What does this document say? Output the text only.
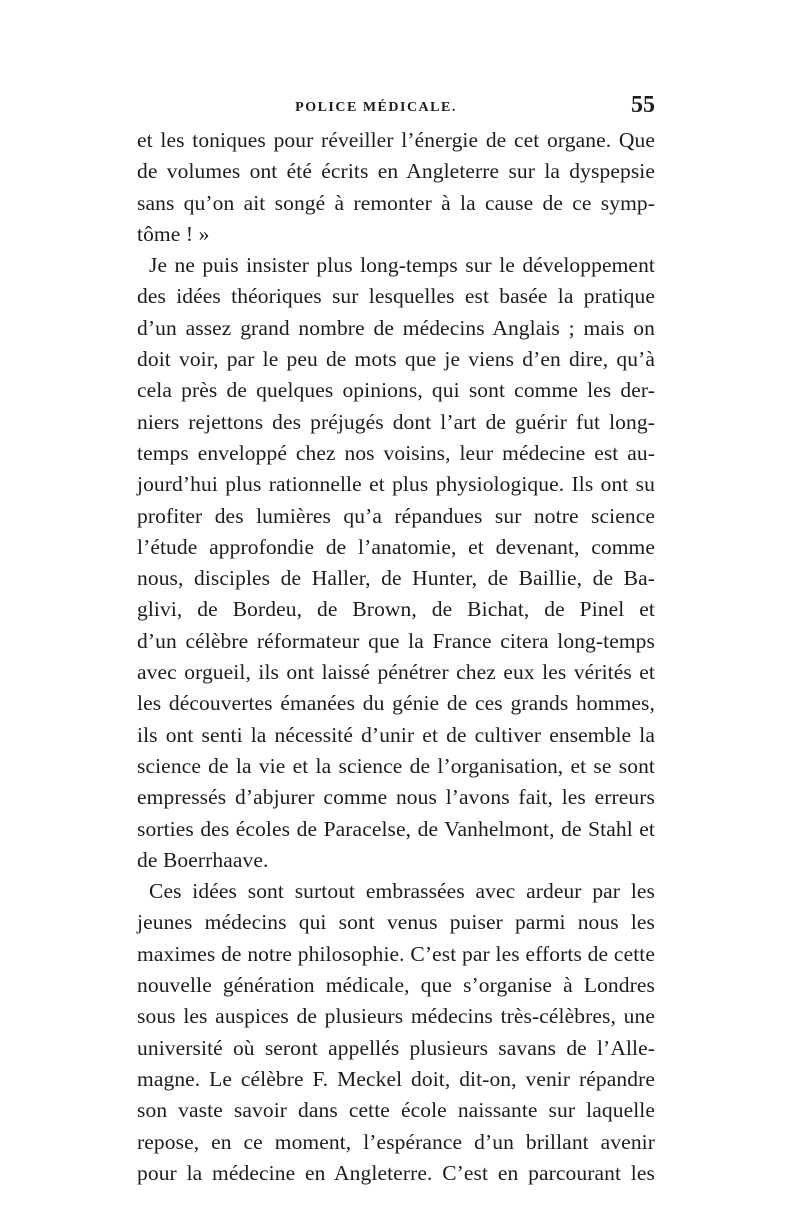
POLICE MÉDICALE.	55
et les toniques pour réveiller l’énergie de cet organe. Que
de volumes ont été écrits en Angleterre sur la dyspepsie
sans qu’on ait songé à remonter à la cause de ce symp-
tôme ! »
Je ne puis insister plus long-temps sur le développement
des idées théoriques sur lesquelles est basée la pratique
d’un assez grand nombre de médecins Anglais ; mais on
doit voir, par le peu de mots que je viens d’en dire, qu’à
cela près de quelques opinions, qui sont comme les der-
niers rejettons des préjugés dont l’art de guérir fut long-
temps enveloppé chez nos voisins, leur médecine est au-
jourd’hui plus rationnelle et plus physiologique. Ils ont su
profiter des lumières qu’a répandues sur notre science
l’étude approfondie de l’anatomie, et devenant, comme
nous, disciples de Haller, de Hunter, de Baillie, de Ba-
glivi, de Bordeu, de Brown, de Bichat, de Pinel et
d’un célèbre réformateur que la France citera long-temps
avec orgueil, ils ont laissé pénétrer chez eux les vérités et
les découvertes émanées du génie de ces grands hommes,
ils ont senti la nécessité d’unir et de cultiver ensemble la
science de la vie et la science de l’organisation, et se sont
empressés d’abjurer comme nous l’avons fait, les erreurs
sorties des écoles de Paracelse, de Vanhelmont, de Stahl et
de Boerrhaave.
Ces idées sont surtout embrassées avec ardeur par les
jeunes médecins qui sont venus puiser parmi nous les
maximes de notre philosophie. C’est par les efforts de cette
nouvelle génération médicale, que s’organise à Londres
sous les auspices de plusieurs médecins très-célèbres, une
université où seront appellés plusieurs savans de l’Alle-
magne. Le célèbre F. Meckel doit, dit-on, venir répandre
son vaste savoir dans cette école naissante sur laquelle
repose, en ce moment, l’espérance d’un brillant avenir
pour la médecine en Angleterre. C’est en parcourant les
